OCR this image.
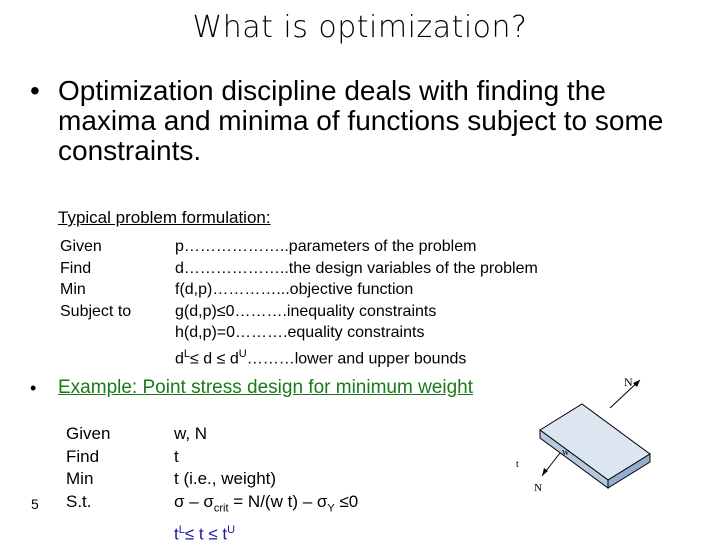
What is optimization?
• Optimization discipline deals with finding the maxima and minima of functions subject to some constraints.
Typical problem formulation:
Given
Find
Min
Subject to
p………………..parameters of the problem
d………………..the design variables of the problem
f(d,p)…………...objective function
g(d,p)≤0……….inequality constraints
h(d,p)=0……….equality constraints
$d^L\le d$ ≤ $d^U\dots\dots\dots lower$ and upper bounds
• Example: Point stress design for minimum weight
Given
Find
Min
S.t.
w, N
t
t (i.e., weight)
$\sigma - \sigma_{crit} = N/(w$ $t) - \sigma_Y \le 0$
$t^L\le t \le t^U$
5
N
w
t
N
